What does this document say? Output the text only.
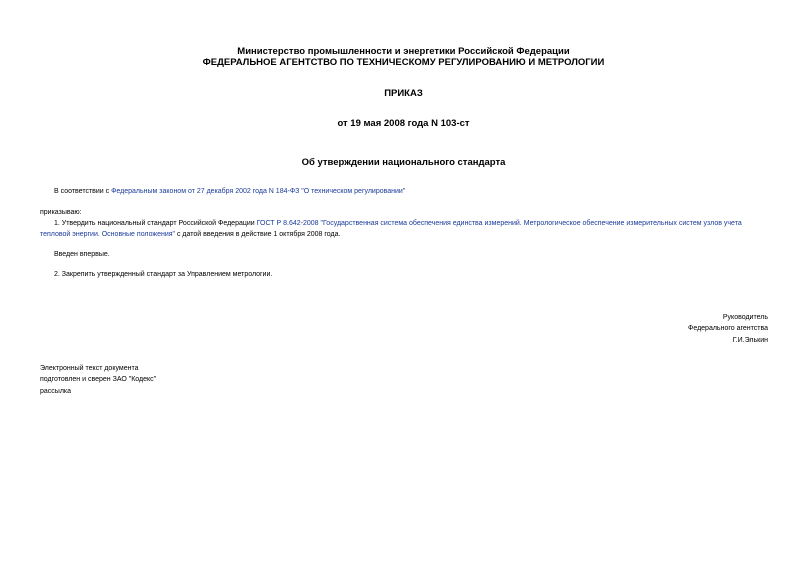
Министерство промышленности и энергетики Российской Федерации
ФЕДЕРАЛЬНОЕ АГЕНТСТВО ПО ТЕХНИЧЕСКОМУ РЕГУЛИРОВАНИЮ И МЕТРОЛОГИИ
ПРИКАЗ
от 19 мая 2008 года N 103-ст
Об утверждении национального стандарта
В соответствии с Федеральным законом от 27 декабря 2002 года N 184-ФЗ "О техническом регулировании"
приказываю:
1. Утвердить национальный стандарт Российской Федерации ГОСТ Р 8.642-2008 "Государственная система обеспечения единства измерений. Метрологическое обеспечение измерительных систем узлов учета тепловой энергии. Основные положения" с датой введения в действие 1 октября 2008 года.
Введен впервые.
2. Закрепить утвержденный стандарт за Управлением метрологии.
Руководитель
Федерального агентства
Г.И.Элькин
Электронный текст документа
подготовлен и сверен ЗАО "Кодекс"
рассылка
